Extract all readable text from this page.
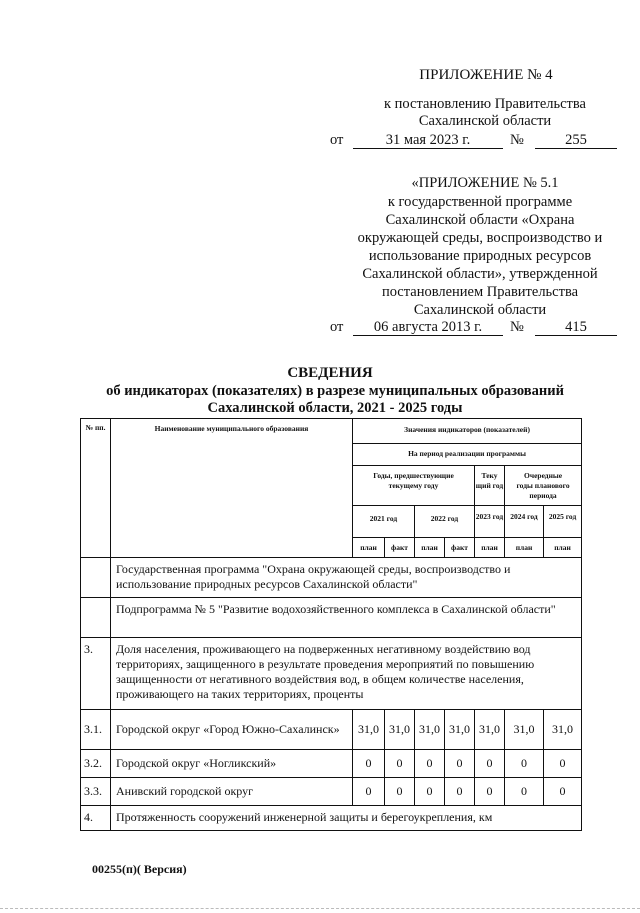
ПРИЛОЖЕНИЕ № 4
к постановлению Правительства
Сахалинской области
от	31 мая 2023 г.	№	255
«ПРИЛОЖЕНИЕ № 5.1
к государственной программе
Сахалинской области «Охрана
окружающей среды, воспроизводство и
использование природных ресурсов
Сахалинской области», утвержденной
постановлением Правительства
Сахалинской области
от	06 августа 2013 г.	№	415
СВЕДЕНИЯ
об индикаторах (показателях) в разрезе муниципальных образований
Сахалинской области, 2021 - 2025 годы
№ пп.	Наименование муниципального образования	Значения индикаторов (показателей)						
		На период реализации программы						
		Годы, предшествующие текущему году				Теку щий год	Очередные годы планового периода	
		2021 год		2022 год		2023 год	2024 год	2025 год
		план	факт	план	факт	план	план	план

	Государственная программа "Охрана окружающей среды, воспроизводство и использование природных ресурсов Сахалинской области"							
	Подпрограмма № 5 "Развитие водохозяйственного комплекса в Сахалинской области"							
3.	Доля населения, проживающего на подверженных негативному воздействию вод территориях, защищенного в результате проведения мероприятий по повышению защищенности от негативного воздействия вод, в общем количестве населения, проживающего на таких территориях, проценты							
3.1.	Городской округ «Город Южно-Сахалинск»	31,0	31,0	31,0	31,0	31,0	31,0	31,0
3.2.	Городской округ «Ногликский»	0	0	0	0	0	0	0
3.3.	Анивский городской округ	0	0	0	0	0	0	0
4.	Протяженность сооружений инженерной защиты и берегоукрепления, км							
00255(п)( Версия)
